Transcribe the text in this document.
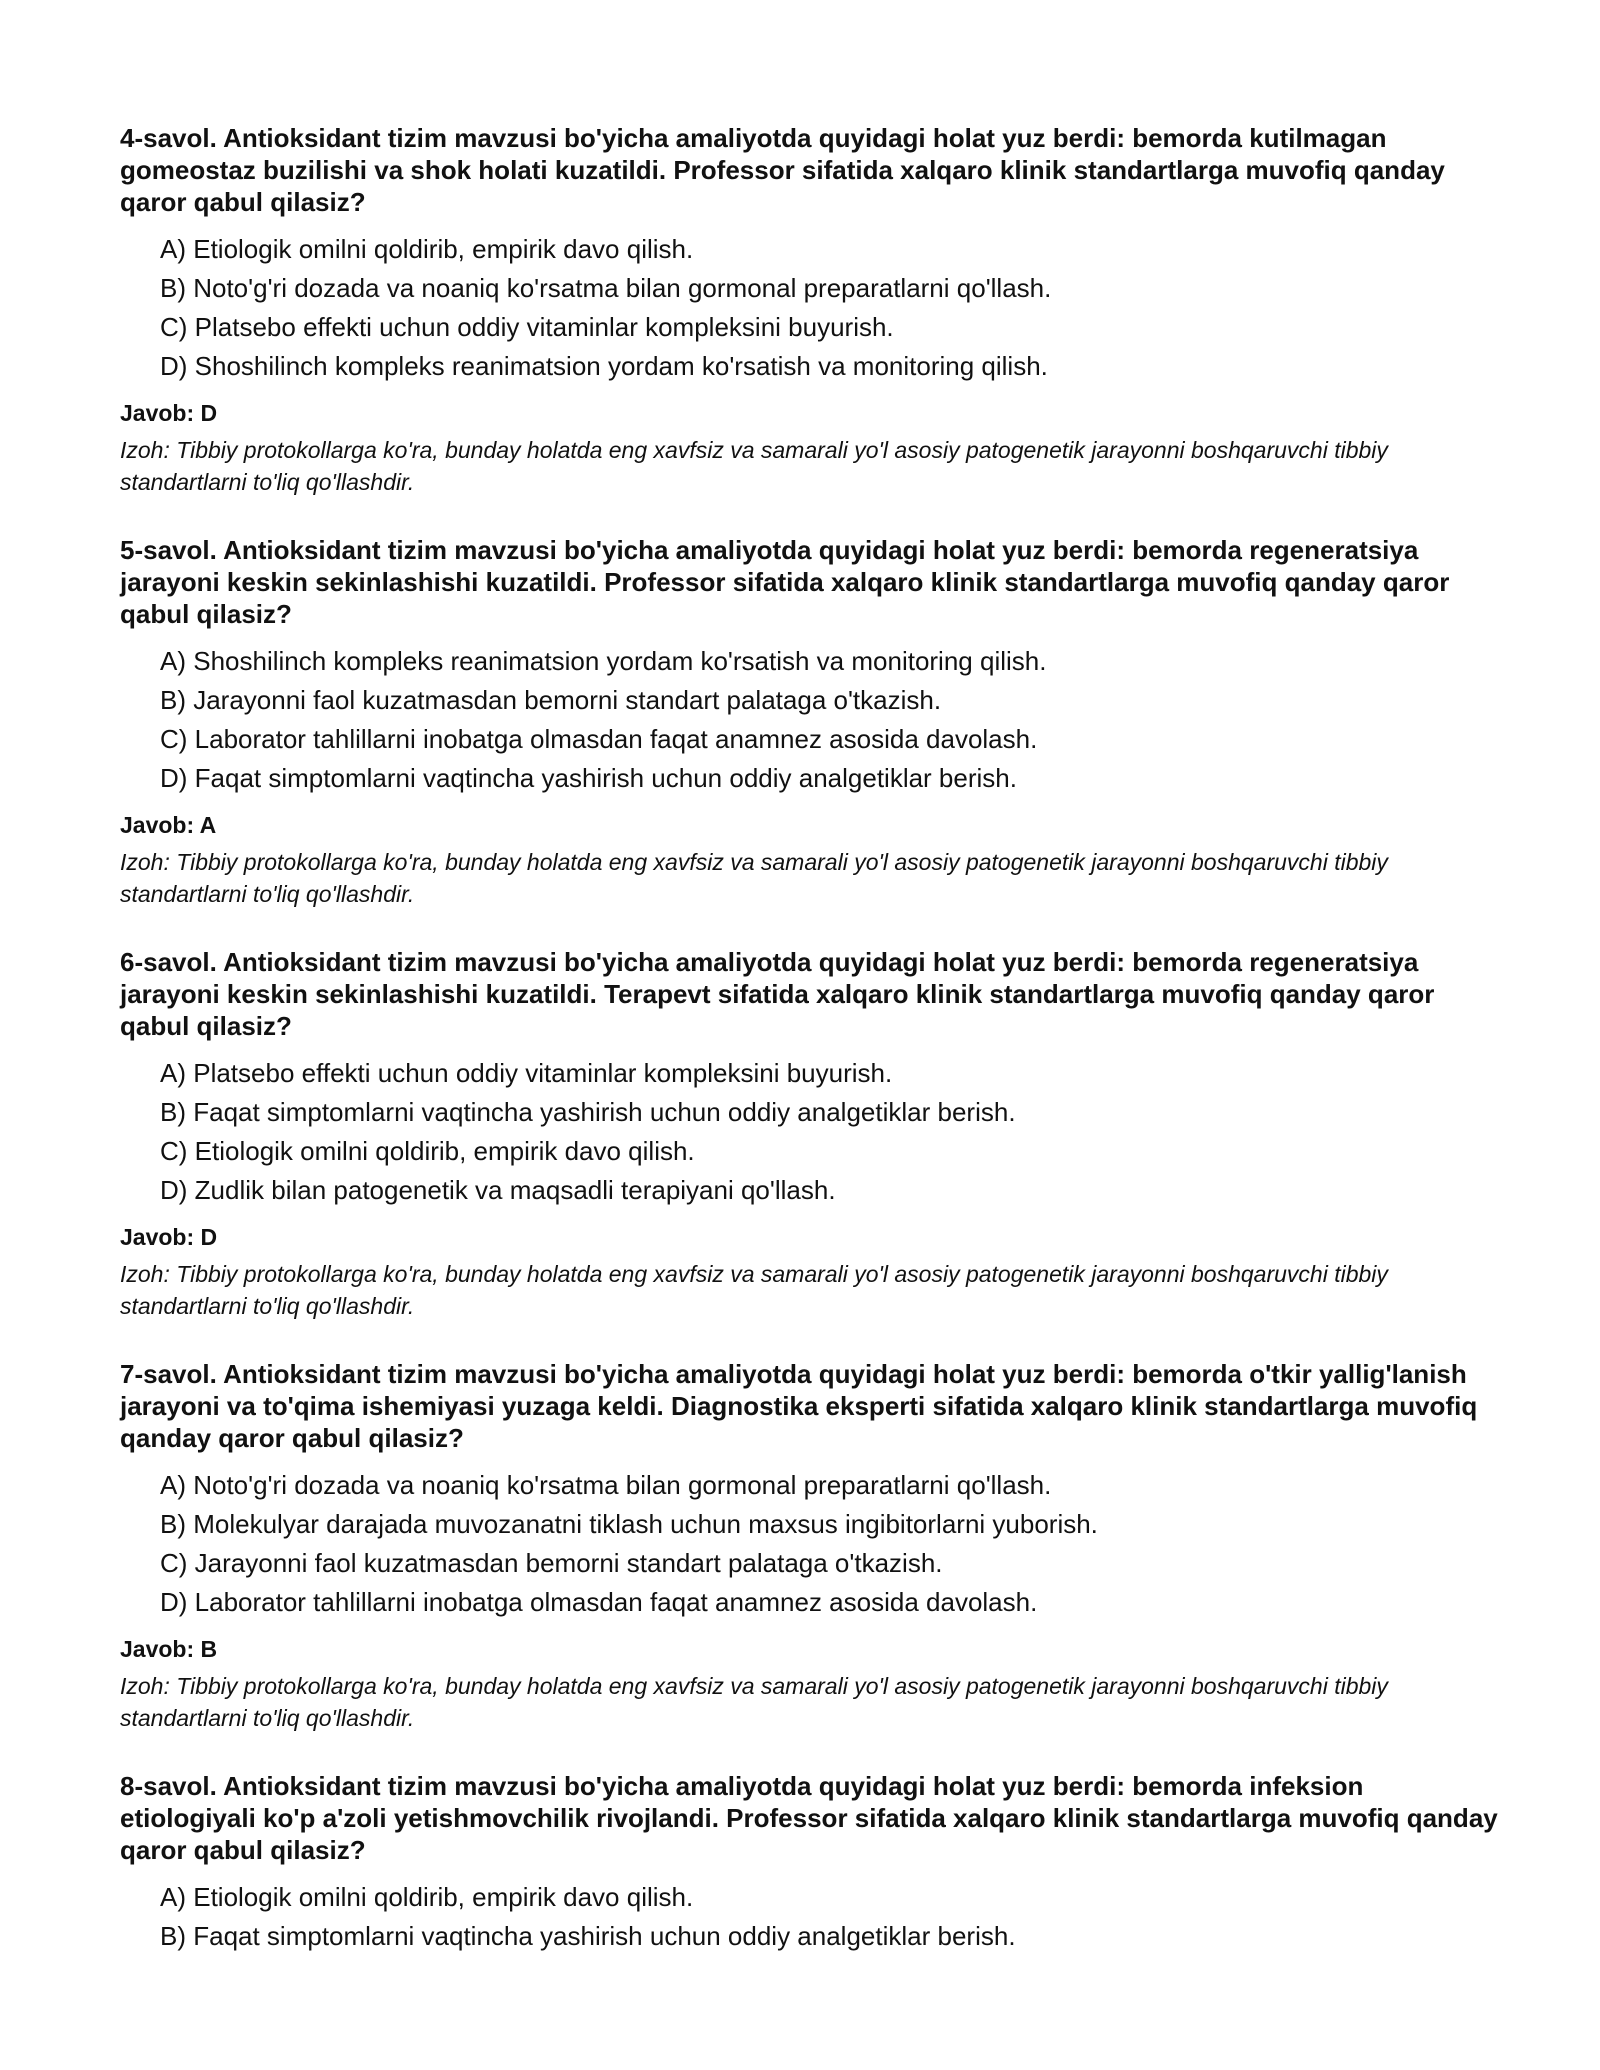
4-savol. Antioksidant tizim mavzusi bo'yicha amaliyotda quyidagi holat yuz berdi: bemorda kutilmagan gomeostaz buzilishi va shok holati kuzatildi. Professor sifatida xalqaro klinik standartlarga muvofiq qanday qaror qabul qilasiz?

A) Etiologik omilni qoldirib, empirik davo qilish.
B) Noto'g'ri dozada va noaniq ko'rsatma bilan gormonal preparatlarni qo'llash.
C) Platsebo effekti uchun oddiy vitaminlar kompleksini buyurish.
D) Shoshilinch kompleks reanimatsion yordam ko'rsatish va monitoring qilish.
Javob: D
Izoh: Tibbiy protokollarga ko'ra, bunday holatda eng xavfsiz va samarali yo'l asosiy patogenetik jarayonni boshqaruvchi tibbiy standartlarni to'liq qo'llashdir.

5-savol. Antioksidant tizim mavzusi bo'yicha amaliyotda quyidagi holat yuz berdi: bemorda regeneratsiya jarayoni keskin sekinlashishi kuzatildi. Professor sifatida xalqaro klinik standartlarga muvofiq qanday qaror qabul qilasiz?

A) Shoshilinch kompleks reanimatsion yordam ko'rsatish va monitoring qilish.
B) Jarayonni faol kuzatmasdan bemorni standart palataga o'tkazish.
C) Laborator tahlillarni inobatga olmasdan faqat anamnez asosida davolash.
D) Faqat simptomlarni vaqtincha yashirish uchun oddiy analgetiklar berish.
Javob: A
Izoh: Tibbiy protokollarga ko'ra, bunday holatda eng xavfsiz va samarali yo'l asosiy patogenetik jarayonni boshqaruvchi tibbiy standartlarni to'liq qo'llashdir.

6-savol. Antioksidant tizim mavzusi bo'yicha amaliyotda quyidagi holat yuz berdi: bemorda regeneratsiya jarayoni keskin sekinlashishi kuzatildi. Terapevt sifatida xalqaro klinik standartlarga muvofiq qanday qaror qabul qilasiz?

A) Platsebo effekti uchun oddiy vitaminlar kompleksini buyurish.
B) Faqat simptomlarni vaqtincha yashirish uchun oddiy analgetiklar berish.
C) Etiologik omilni qoldirib, empirik davo qilish.
D) Zudlik bilan patogenetik va maqsadli terapiyani qo'llash.
Javob: D
Izoh: Tibbiy protokollarga ko'ra, bunday holatda eng xavfsiz va samarali yo'l asosiy patogenetik jarayonni boshqaruvchi tibbiy standartlarni to'liq qo'llashdir.

7-savol. Antioksidant tizim mavzusi bo'yicha amaliyotda quyidagi holat yuz berdi: bemorda o'tkir yallig'lanish jarayoni va to'qima ishemiyasi yuzaga keldi. Diagnostika eksperti sifatida xalqaro klinik standartlarga muvofiq qanday qaror qabul qilasiz?

A) Noto'g'ri dozada va noaniq ko'rsatma bilan gormonal preparatlarni qo'llash.
B) Molekulyar darajada muvozanatni tiklash uchun maxsus ingibitorlarni yuborish.
C) Jarayonni faol kuzatmasdan bemorni standart palataga o'tkazish.
D) Laborator tahlillarni inobatga olmasdan faqat anamnez asosida davolash.
Javob: B
Izoh: Tibbiy protokollarga ko'ra, bunday holatda eng xavfsiz va samarali yo'l asosiy patogenetik jarayonni boshqaruvchi tibbiy standartlarni to'liq qo'llashdir.

8-savol. Antioksidant tizim mavzusi bo'yicha amaliyotda quyidagi holat yuz berdi: bemorda infeksion etiologiyali ko'p a'zoli yetishmovchilik rivojlandi. Professor sifatida xalqaro klinik standartlarga muvofiq qanday qaror qabul qilasiz?

A) Etiologik omilni qoldirib, empirik davo qilish.
B) Faqat simptomlarni vaqtincha yashirish uchun oddiy analgetiklar berish.
